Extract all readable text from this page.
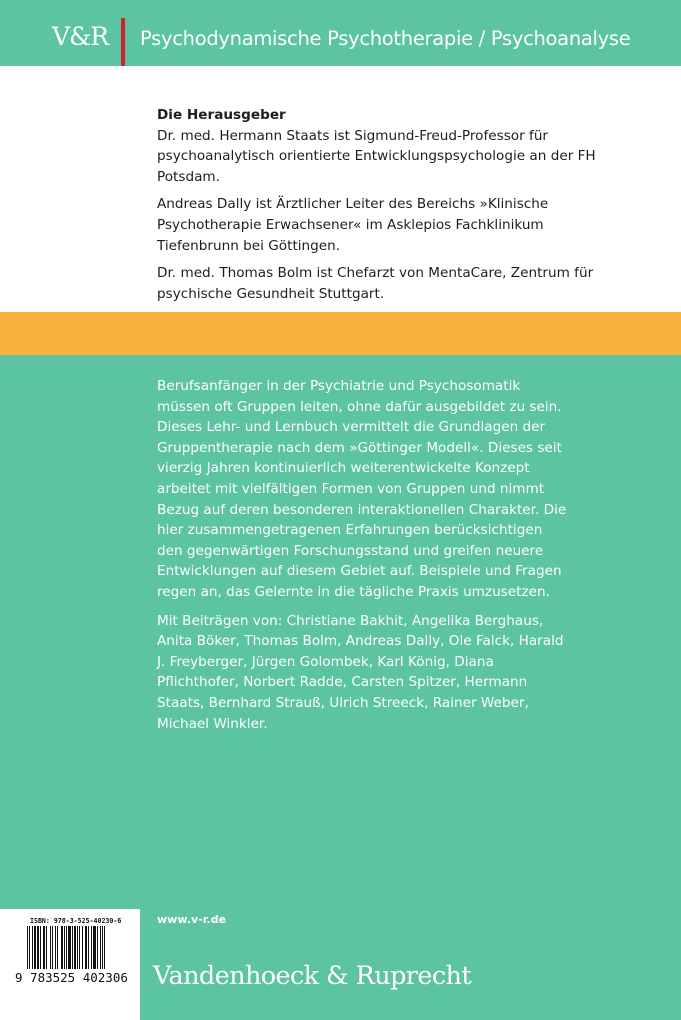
V&R Psychodynamische Psychotherapie / Psychoanalyse
Die Herausgeber

Dr. med. Hermann Staats ist Sigmund-Freud-Professor für psychoanalytisch orientierte Entwicklungspsychologie an der FH Potsdam.

Andreas Dally ist Ärztlicher Leiter des Bereichs »Klinische Psychotherapie Erwachsener« im Asklepios Fachklinikum Tiefenbrunn bei Göttingen.

Dr. med. Thomas Bolm ist Chefarzt von MentaCare, Zentrum für psychische Gesundheit Stuttgart.

Berufsanfänger in der Psychiatrie und Psychosomatik müssen oft Gruppen leiten, ohne dafür ausgebildet zu sein. Dieses Lehr- und Lernbuch vermittelt die Grundlagen der Gruppentherapie nach dem »Göttinger Modell«. Dieses seit vierzig Jahren kontinuierlich weiterentwickelte Konzept arbeitet mit vielfältigen Formen von Gruppen und nimmt Bezug auf deren besonderen interaktionellen Charakter. Die hier zusammengetragenen Erfahrungen berücksichtigen den gegenwärtigen Forschungsstand und greifen neuere Entwicklungen auf diesem Gebiet auf. Beispiele und Fragen regen an, das Gelernte in die tägliche Praxis umzusetzen.

Mit Beiträgen von: Christiane Bakhit, Angelika Berghaus, Anita Böker, Thomas Bolm, Andreas Dally, Ole Falck, Harald J. Freyberger, Jürgen Golombek, Karl König, Diana Pflichthofer, Norbert Radde, Carsten Spitzer, Hermann Staats, Bernhard Strauß, Ulrich Streeck, Rainer Weber, Michael Winkler.

ISBN: 978-3-525-40230-6
9 783525 402306
www.v-r.de
Vandenhoeck & Ruprecht
